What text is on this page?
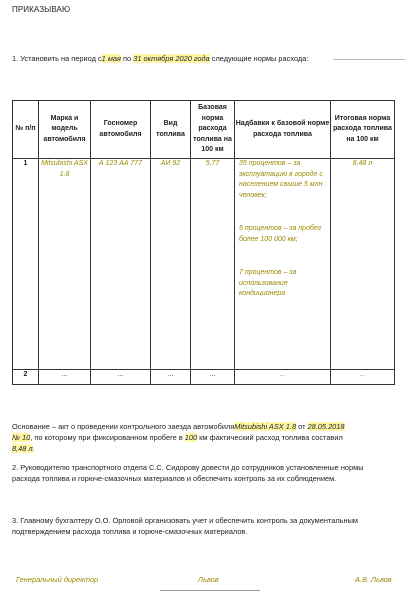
ПРИКАЗЫВАЮ
1. Установить на период с1 мая по 31 октября 2020 года следующие нормы расхода:
№ п/п	Марка и модель автомобиля	Госномер автомобиля	Вид топлива	Базовая норма расхода топлива на 100 км	Надбавки к базовой норме расхода топлива	Итоговая норма расхода топлива на 100 км
1	Mitsubishi ASX 1.8	А 123 АА 777	АИ 92	5,77	35 процентов – за эксплуатацию в городе с населением свыше 5 млн человек;
5 процентов – за пробег более 100 000 км;
7 процентов – за использование кондиционера	8,48 л
2	...	...	...	...	...	...
Основание – акт о проведении контрольного заезда автомобиляMitsubishi ASX 1.8 от 28.05.2018
№ 10, по которому при фиксированном пробеге в 100 км фактический расход топлива составил
8,48 л.
2. Руководителю транспортного отдела С.С. Сидорову довести до сотрудников установленные нормы расхода топлива и горюче-смазочных материалов и обеспечить контроль за их соблюдением.
3. Главному бухгалтеру О.О. Орловой организовать учет и обеспечить контроль за документальным подтверждением расхода топлива и горюче-смазочных материалов.
Генеральный директор	Львов	А.В. Львов
